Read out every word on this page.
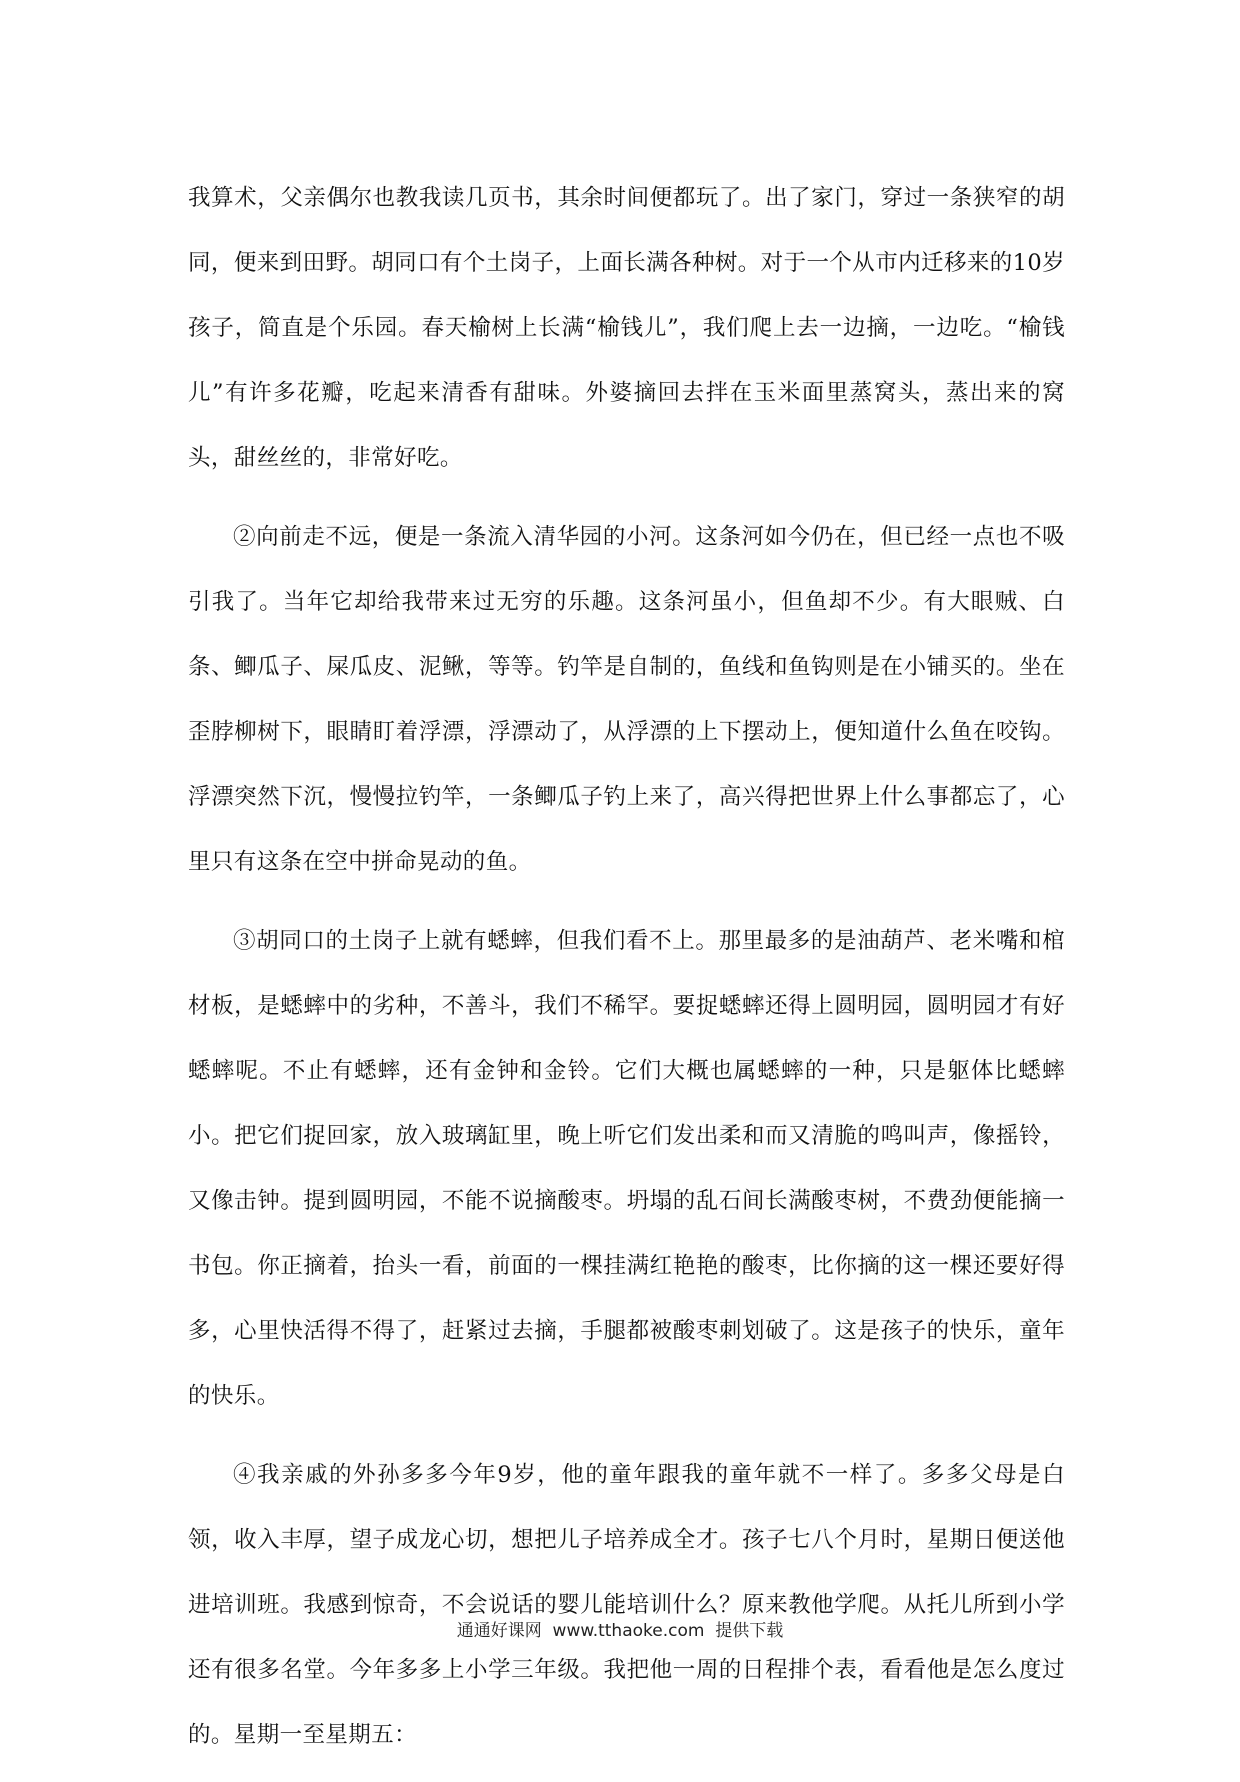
我算术，父亲偶尔也教我读几页书，其余时间便都玩了。出了家门，穿过一条狭窄的胡同，便来到田野。胡同口有个土岗子，上面长满各种树。对于一个从市内迁移来的10岁孩子，简直是个乐园。春天榆树上长满“榆钱儿”，我们爬上去一边摘，一边吃。“榆钱儿”有许多花瓣，吃起来清香有甜味。外婆摘回去拌在玉米面里蒸窝头，蒸出来的窝头，甜丝丝的，非常好吃。

②向前走不远，便是一条流入清华园的小河。这条河如今仍在，但已经一点也不吸引我了。当年它却给我带来过无穷的乐趣。这条河虽小，但鱼却不少。有大眼贼、白条、鲫瓜子、屎瓜皮、泥鳅，等等。钓竿是自制的，鱼线和鱼钩则是在小铺买的。坐在歪脖柳树下，眼睛盯着浮漂，浮漂动了，从浮漂的上下摆动上，便知道什么鱼在咬钩。浮漂突然下沉，慢慢拉钓竿，一条鲫瓜子钓上来了，高兴得把世界上什么事都忘了，心里只有这条在空中拼命晃动的鱼。

③胡同口的土岗子上就有蟋蟀，但我们看不上。那里最多的是油葫芦、老米嘴和棺材板，是蟋蟀中的劣种，不善斗，我们不稀罕。要捉蟋蟀还得上圆明园，圆明园才有好蟋蟀呢。不止有蟋蟀，还有金钟和金铃。它们大概也属蟋蟀的一种，只是躯体比蟋蟀小。把它们捉回家，放入玻璃缸里，晚上听它们发出柔和而又清脆的鸣叫声，像摇铃，又像击钟。提到圆明园，不能不说摘酸枣。坍塌的乱石间长满酸枣树，不费劲便能摘一书包。你正摘着，抬头一看，前面的一棵挂满红艳艳的酸枣，比你摘的这一棵还要好得多，心里快活得不得了，赶紧过去摘，手腿都被酸枣刺划破了。这是孩子的快乐，童年的快乐。

④我亲戚的外孙多多今年9岁，他的童年跟我的童年就不一样了。多多父母是白领，收入丰厚，望子成龙心切，想把儿子培养成全才。孩子七八个月时，星期日便送他进培训班。我感到惊奇，不会说话的婴儿能培训什么？原来教他学爬。从托儿所到小学还有很多名堂。今年多多上小学三年级。我把他一周的日程排个表，看看他是怎么度过的。星期一至星期五：

通通好课网  www.tthaoke.com  提供下载
